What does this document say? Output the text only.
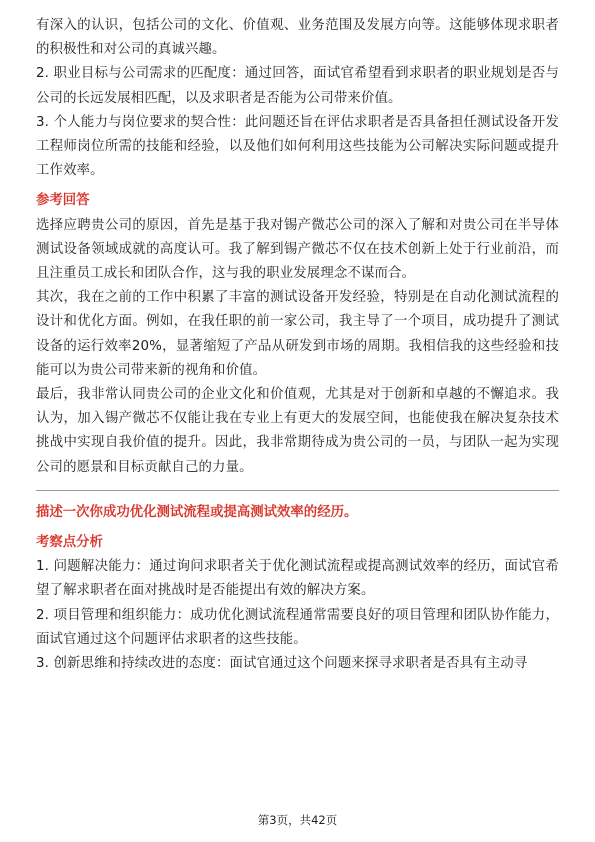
有深入的认识，包括公司的文化、价值观、业务范围及发展方向等。这能够体现求职者的积极性和对公司的真诚兴趣。

2. 职业目标与公司需求的匹配度：通过回答，面试官希望看到求职者的职业规划是否与公司的长远发展相匹配，以及求职者是否能为公司带来价值。

3. 个人能力与岗位要求的契合性：此问题还旨在评估求职者是否具备担任测试设备开发工程师岗位所需的技能和经验，以及他们如何利用这些技能为公司解决实际问题或提升工作效率。

参考回答

选择应聘贵公司的原因，首先是基于我对锡产微芯公司的深入了解和对贵公司在半导体测试设备领域成就的高度认可。我了解到锡产微芯不仅在技术创新上处于行业前沿，而且注重员工成长和团队合作，这与我的职业发展理念不谋而合。

其次，我在之前的工作中积累了丰富的测试设备开发经验，特别是在自动化测试流程的设计和优化方面。例如，在我任职的前一家公司，我主导了一个项目，成功提升了测试设备的运行效率20%，显著缩短了产品从研发到市场的周期。我相信我的这些经验和技能可以为贵公司带来新的视角和价值。

最后，我非常认同贵公司的企业文化和价值观，尤其是对于创新和卓越的不懈追求。我认为，加入锡产微芯不仅能让我在专业上有更大的发展空间，也能使我在解决复杂技术挑战中实现自我价值的提升。因此，我非常期待成为贵公司的一员，与团队一起为实现公司的愿景和目标贡献自己的力量。

描述一次你成功优化测试流程或提高测试效率的经历。

考察点分析

1. 问题解决能力：通过询问求职者关于优化测试流程或提高测试效率的经历，面试官希望了解求职者在面对挑战时是否能提出有效的解决方案。

2. 项目管理和组织能力：成功优化测试流程通常需要良好的项目管理和团队协作能力，面试官通过这个问题评估求职者的这些技能。

3. 创新思维和持续改进的态度：面试官通过这个问题来探寻求职者是否具有主动寻

第3页，共42页
